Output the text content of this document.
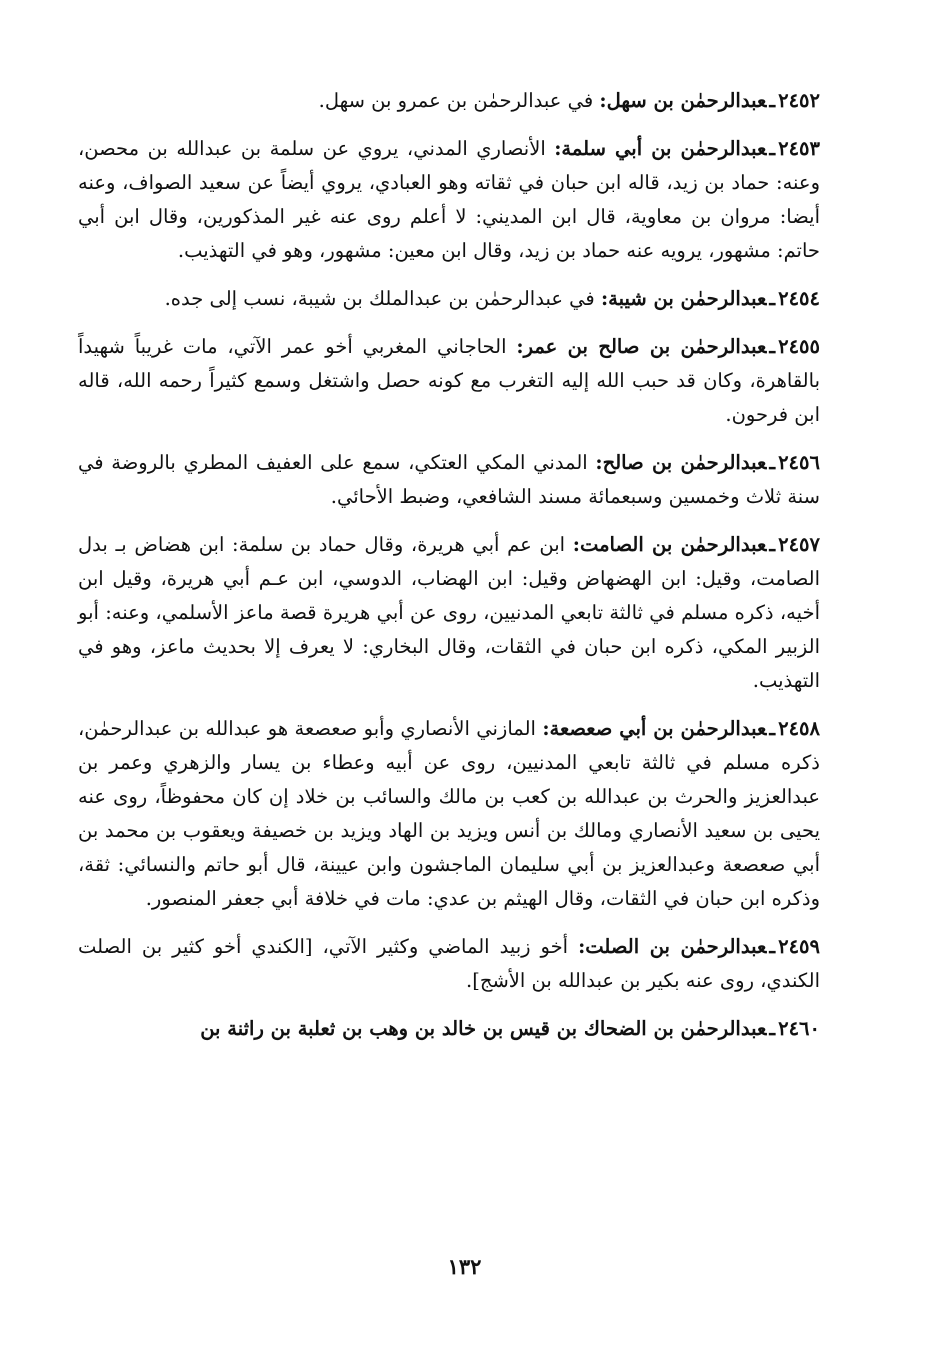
٢٤٥٢ـعبدالرحمٰن بن سهل: في عبدالرحمٰن بن عمرو بن سهل.

٢٤٥٣ـعبدالرحمٰن بن أبي سلمة: الأنصاري المدني، يروي عن سلمة بن عبدالله بن محصن، وعنه: حماد بن زيد، قاله ابن حبان في ثقاته وهو العبادي، يروي أيضاً عن سعيد الصواف، وعنه أيضا: مروان بن معاوية، قال ابن المديني: لا أعلم روى عنه غير المذكورين، وقال ابن أبي حاتم: مشهور، يرويه عنه حماد بن زيد، وقال ابن معين: مشهور، وهو في التهذيب.

٢٤٥٤ـعبدالرحمٰن بن شيبة: في عبدالرحمٰن بن عبدالملك بن شيبة، نسب إلى جده.

٢٤٥٥ـعبدالرحمٰن بن صالح بن عمر: الحاجاني المغربي أخو عمر الآتي، مات غريباً شهيداً بالقاهرة، وكان قد حبب الله إليه التغرب مع كونه حصل واشتغل وسمع كثيراً رحمه الله، قاله ابن فرحون.

٢٤٥٦ـعبدالرحمٰن بن صالح: المدني المكي العتكي، سمع على العفيف المطري بالروضة في سنة ثلاث وخمسين وسبعمائة مسند الشافعي، وضبط الأحائي.

٢٤٥٧ـعبدالرحمٰن بن الصامت: ابن عم أبي هريرة، وقال حماد بن سلمة: ابن هضاض بـ بدل الصامت، وقيل: ابن الهضهاض وقيل: ابن الهضاب، الدوسي، ابن عـم أبي هريرة، وقيل ابن أخيه، ذكره مسلم في ثالثة تابعي المدنيين، روى عن أبي هريرة قصة ماعز الأسلمي، وعنه: أبو الزبير المكي، ذكره ابن حبان في الثقات، وقال البخاري: لا يعرف إلا بحديث ماعز، وهو في التهذيب.

٢٤٥٨ـعبدالرحمٰن بن أبي صعصعة: المازني الأنصاري وأبو صعصعة هو عبدالله بن عبدالرحمٰن، ذكره مسلم في ثالثة تابعي المدنيين، روى عن أبيه وعطاء بن يسار والزهري وعمر بن عبدالعزيز والحرث بن عبدالله بن كعب بن مالك والسائب بن خلاد إن كان محفوظاً، روى عنه يحيى بن سعيد الأنصاري ومالك بن أنس ويزيد بن الهاد ويزيد بن خصيفة ويعقوب بن محمد بن أبي صعصعة وعبدالعزيز بن أبي سليمان الماجشون وابن عيينة، قال أبو حاتم والنسائي: ثقة، وذكره ابن حبان في الثقات، وقال الهيثم بن عدي: مات في خلافة أبي جعفر المنصور.

٢٤٥٩ـعبدالرحمٰن بن الصلت: أخو زبيد الماضي وكثير الآتي، [الكندي أخو كثير بن الصلت الكندي، روى عنه بكير بن عبدالله بن الأشج].

٢٤٦٠ـعبدالرحمٰن بن الضحاك بن قيس بن خالد بن وهب بن ثعلبة بن راثنة بن

١٣٢
